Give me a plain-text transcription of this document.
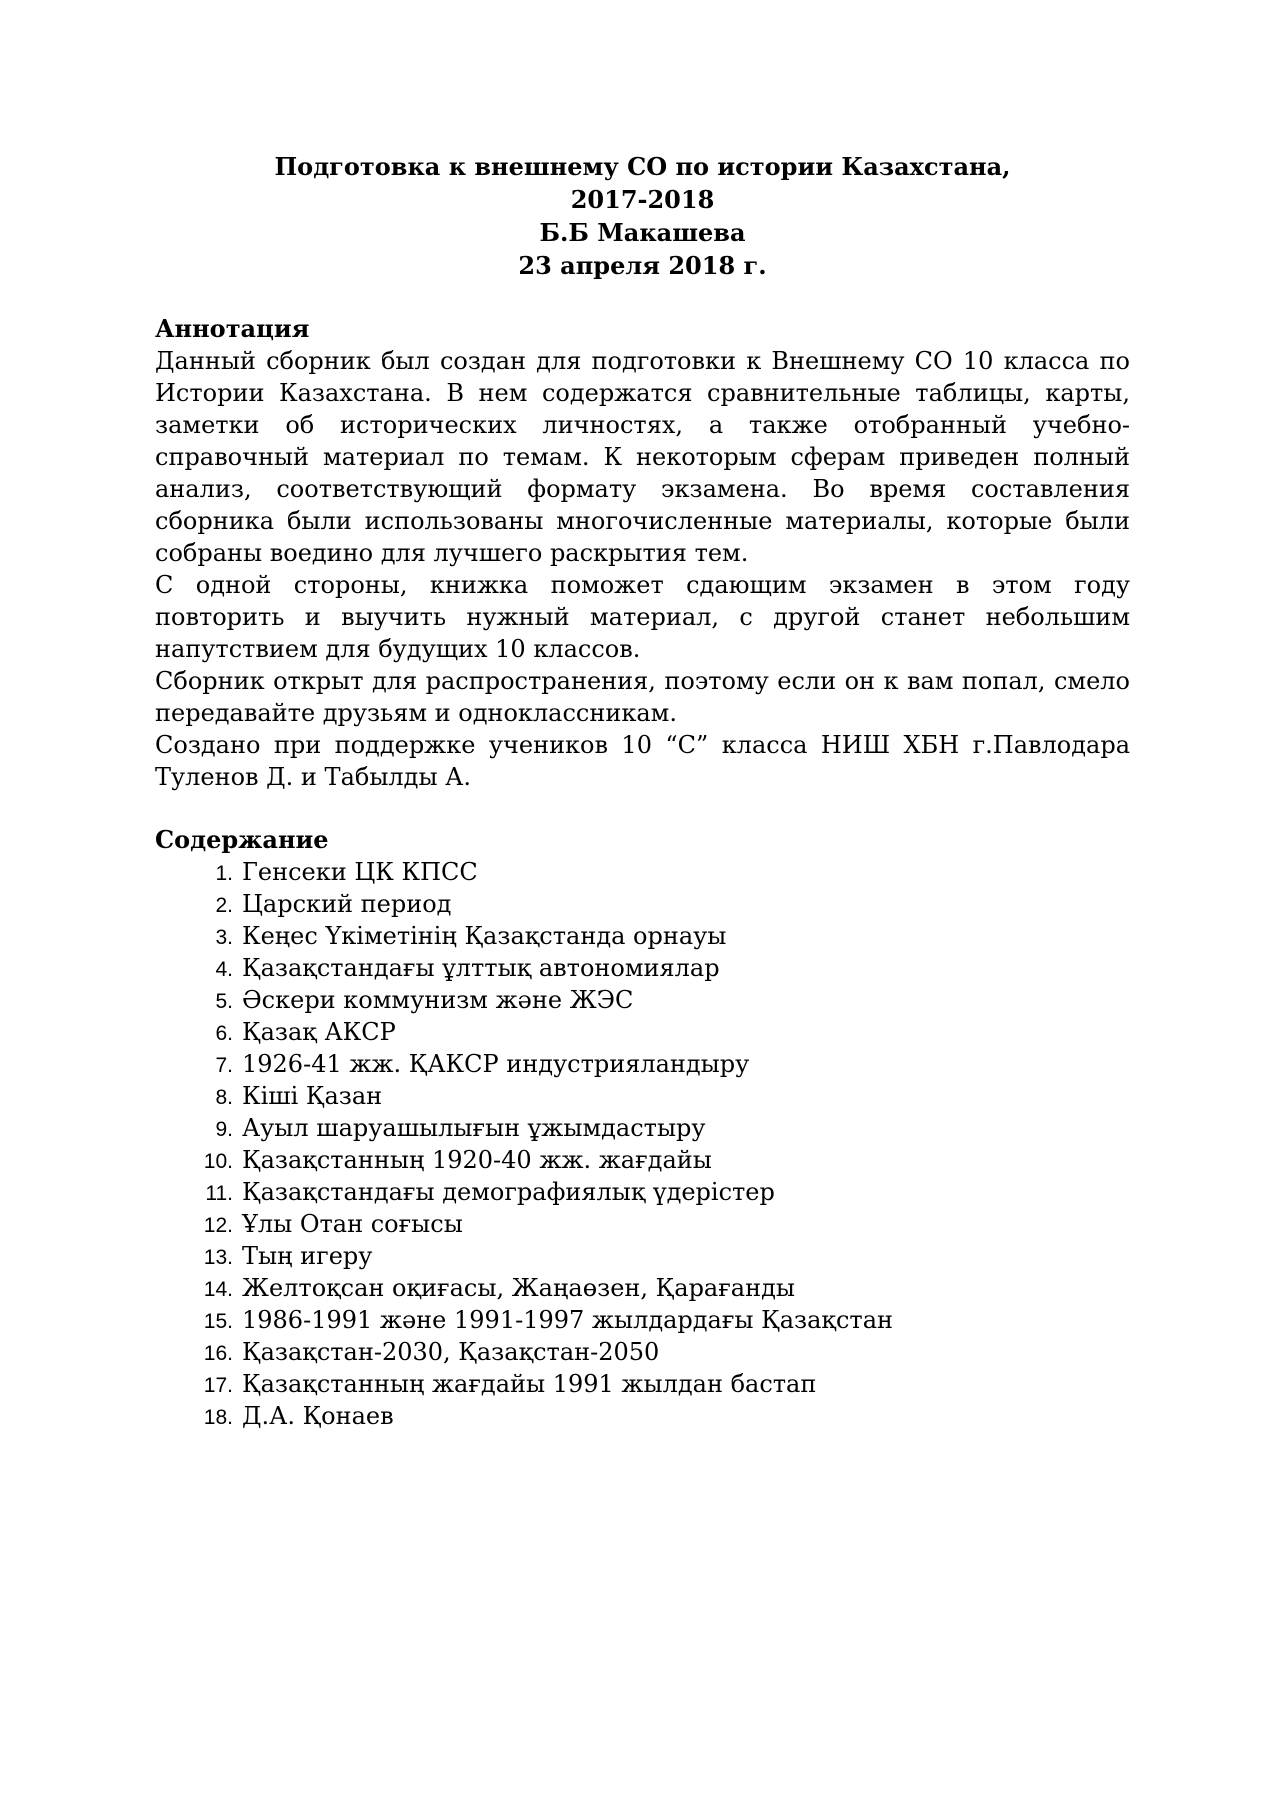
Подготовка к внешнему СО по истории Казахстана,
2017-2018
Б.Б Макашева
23 апреля 2018 г.

Аннотация

Данный сборник был создан для подготовки к Внешнему СО 10 класса по Истории Казахстана. В нем содержатся сравнительные таблицы, карты, заметки об исторических личностях, а также отобранный учебно-справочный материал по темам. К некоторым сферам приведен полный анализ, соответствующий формату экзамена. Во время составления сборника были использованы многочисленные материалы, которые были собраны воедино для лучшего раскрытия тем.

С одной стороны, книжка поможет сдающим экзамен в этом году повторить и выучить нужный материал, с другой станет небольшим напутствием для будущих 10 классов.

Сборник открыт для распространения, поэтому если он к вам попал, смело передавайте друзьям и одноклассникам.

Создано при поддержке учеников 10 “C” класса НИШ ХБН г.Павлодара Туленов Д. и Табылды А.

Содержание

1. Генсеки ЦК КПСС
2. Царский период
3. Кеңес Үкіметінің Қазақстанда орнауы
4. Қазақстандағы ұлттық автономиялар
5. Әскери коммунизм және ЖЭС
6. Қазақ АКСР
7. 1926-41 жж. ҚАКСР индустрияландыру
8. Кіші Қазан
9. Ауыл шаруашылығын ұжымдастыру
10. Қазақстанның 1920-40 жж. жағдайы
11. Қазақстандағы демографиялық үдерістер
12. Ұлы Отан соғысы
13. Тың игеру
14. Желтоқсан оқиғасы, Жаңаөзен, Қарағанды
15. 1986-1991 және 1991-1997 жылдардағы Қазақстан
16. Қазақстан-2030, Қазақстан-2050
17. Қазақстанның жағдайы 1991 жылдан бастап
18. Д.А. Қонаев
